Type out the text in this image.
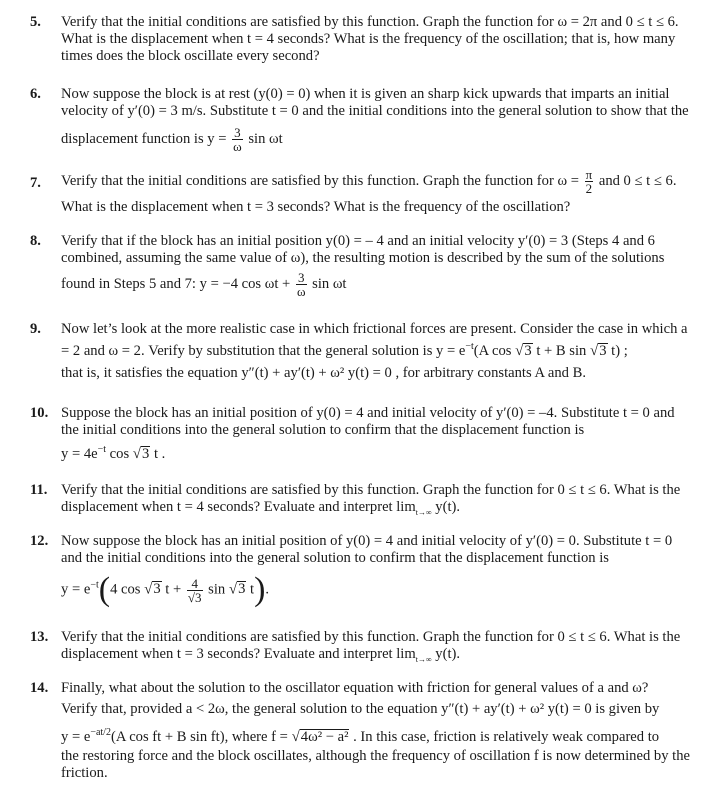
5.	Verify that the initial conditions are satisfied by this function. Graph the function for ω = 2π and 0 ≤ t ≤ 6.
What is the displacement when t = 4 seconds? What is the frequency of the oscillation; that is, how many
times does the block oscillate every second?
6.	Now suppose the block is at rest (y(0) = 0) when it is given an sharp kick upwards that imparts an initial
velocity of y′(0) = 3 m/s. Substitute t = 0 and the initial conditions into the general solution to show that the
displacement function is $y = \frac{3}{\omega}$ sin ωt
7.	Verify that the initial conditions are satisfied by this function. Graph the function for $\omega = \frac{\pi}{2}$ and 0 ≤ t ≤ 6.
What is the displacement when t = 3 seconds? What is the frequency of the oscillation?
8.	Verify that if the block has an initial position y(0) = – 4 and an initial velocity y′(0) = 3 (Steps 4 and 6
combined, assuming the same value of ω), the resulting motion is described by the sum of the solutions
found in Steps 5 and 7: y = −4 $\cos \omega t + \frac{3}{\omega}$ sin ωt
9.	Now let’s look at the more realistic case in which frictional forces are present. Consider the case in which a
= 2 and ω = 2. Verify by substitution that the general solution is $y = e^{-t}(A$ cos √3 t + B sin √3 t) ;
that is, it satisfies the equation y″(t) + ay′(t) + ω² y(t) = 0 , for arbitrary constants A and B.
10. Suppose the block has an initial position of y(0) = 4 and initial velocity of y′(0) = –4. Substitute t = 0 and
the initial conditions into the general solution to confirm that the displacement function is
$y = 4e^{-t}$ cos √3 t .
11. Verify that the initial conditions are satisfied by this function. Graph the function for 0 ≤ t ≤ 6. What is the
displacement when t = 4 seconds? Evaluate and interpret $\lim_{t\to\infty} y(t)$.
12. Now suppose the block has an initial position of y(0) = 4 and initial velocity of y′(0) = 0. Substitute t = 0
and the initial conditions into the general solution to confirm that the displacement function is
$y = e^{-t}(4$ cos √3 $t + \frac{4}{√3}$ sin √3 t).
13. Verify that the initial conditions are satisfied by this function. Graph the function for 0 ≤ t ≤ 6. What is the
displacement when t = 3 seconds? Evaluate and interpret $\lim_{t\to\infty} y(t)$.
14. Finally, what about the solution to the oscillator equation with friction for general values of a and ω?
Verify that, provided a < 2ω, the general solution to the equation y″(t) + ay′(t) + ω² y(t) = 0 is given by
$y = e^{-at/2}(A$ cos ft + B sin ft), where f = √4ω² − a² . In this case, friction is relatively weak compared to
the restoring force and the block oscillates, although the frequency of oscillation f is now determined by the
friction.
